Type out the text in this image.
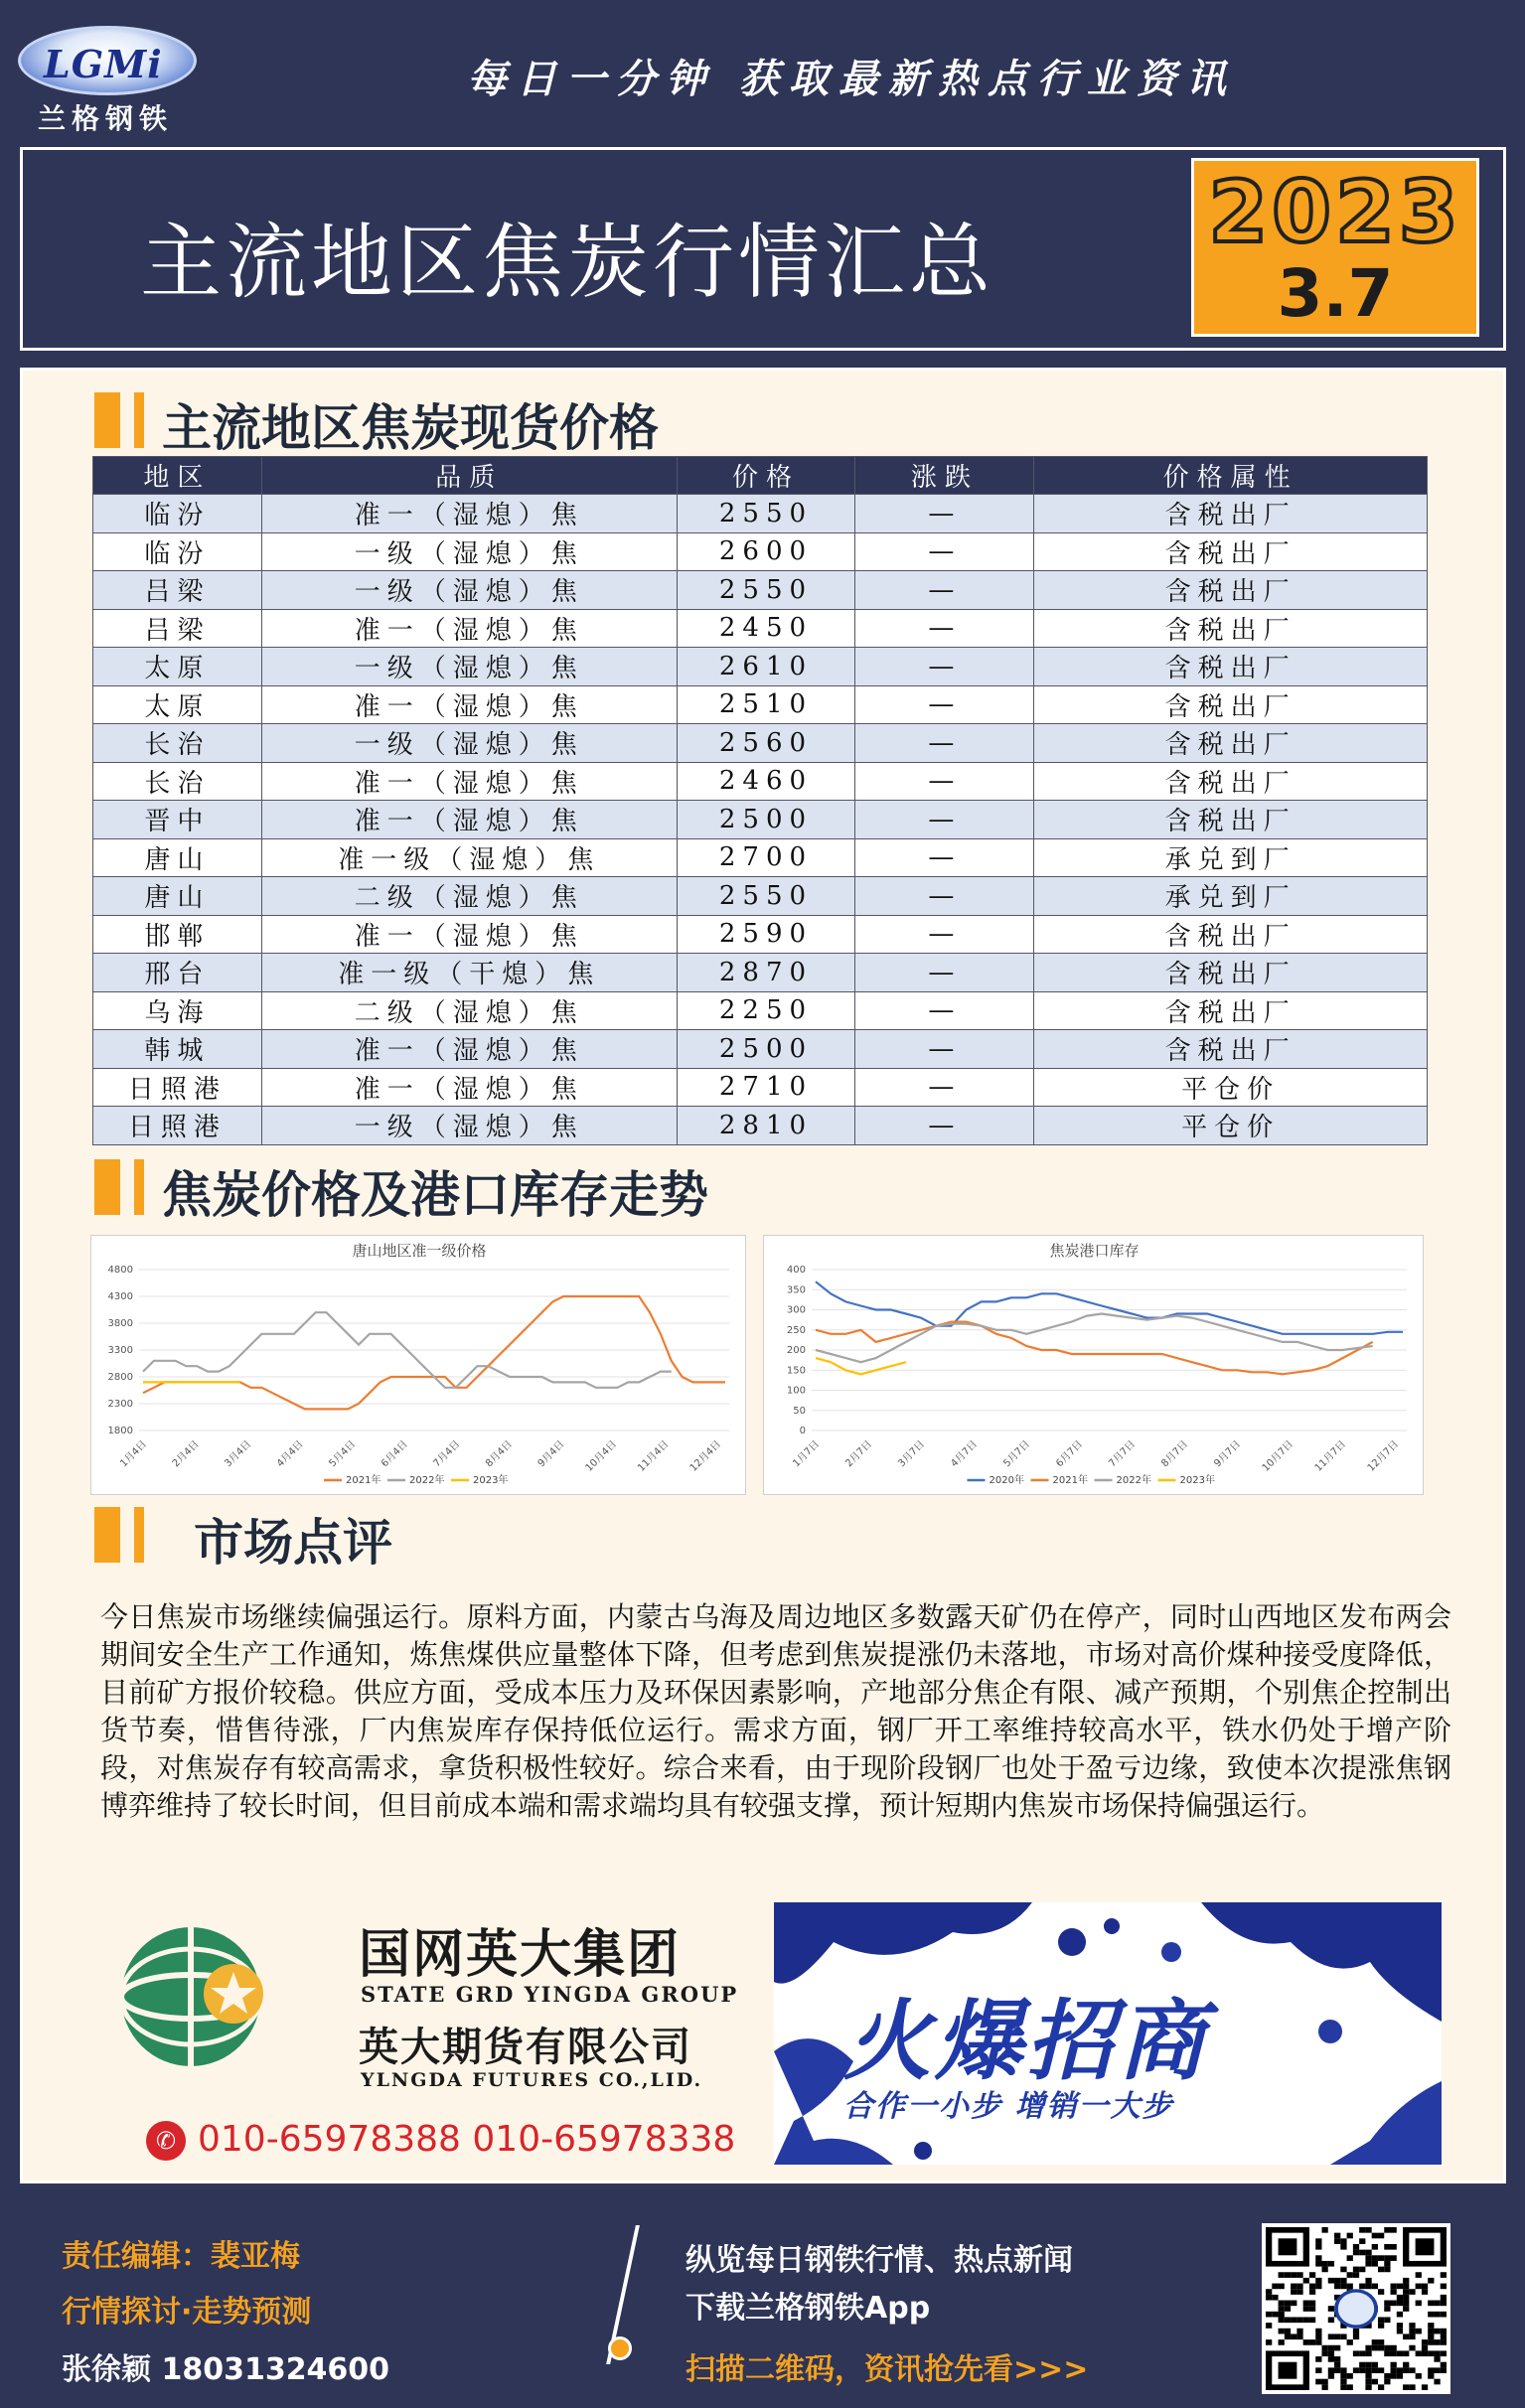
LGMi
兰格钢铁
每日一分钟 获取最新热点行业资讯
主流地区焦炭行情汇总
2023
3.7
主流地区焦炭现货价格
地区	品质	价格	涨跌	价格属性
临汾	准一（湿熄）焦	2550	—	含税出厂
临汾	一级（湿熄）焦	2600	—	含税出厂
吕梁	一级（湿熄）焦	2550	—	含税出厂
吕梁	准一（湿熄）焦	2450	—	含税出厂
太原	一级（湿熄）焦	2610	—	含税出厂
太原	准一（湿熄）焦	2510	—	含税出厂
长治	一级（湿熄）焦	2560	—	含税出厂
长治	准一（湿熄）焦	2460	—	含税出厂
晋中	准一（湿熄）焦	2500	—	含税出厂
唐山	准一级（湿熄）焦	2700	—	承兑到厂
唐山	二级（湿熄）焦	2550	—	承兑到厂
邯郸	准一（湿熄）焦	2590	—	含税出厂
邢台	准一级（干熄）焦	2870	—	含税出厂
乌海	二级（湿熄）焦	2250	—	含税出厂
韩城	准一（湿熄）焦	2500	—	含税出厂
日照港	准一（湿熄）焦	2710	—	平仓价
日照港	一级（湿熄）焦	2810	—	平仓价
焦炭价格及港口库存走势
唐山地区准一级价格
4800
4300
3800
3300
2800
2300
1800
1月4日 2月4日 3月4日 4月4日 5月4日 6月4日 7月4日 8月4日 9月4日 10月4日 11月4日 12月4日
2021年	2022年	2023年
焦炭港口库存
400
350
300
250
200
150
100
50
0
1月7日 2月7日 3月7日 4月7日 5月7日 6月7日 7月7日 8月7日 9月7日 10月7日 11月7日 12月7日
2020年	2021年	2022年	2023年
市场点评
今日焦炭市场继续偏强运行。原料方面，内蒙古乌海及周边地区多数露天矿仍在停产，同时山西地区发布两会期间安全生产工作通知，炼焦煤供应量整体下降，但考虑到焦炭提涨仍未落地，市场对高价煤种接受度降低，目前矿方报价较稳。供应方面，受成本压力及环保因素影响，产地部分焦企有限、减产预期，个别焦企控制出货节奏，惜售待涨，厂内焦炭库存保持低位运行。需求方面，钢厂开工率维持较高水平，铁水仍处于增产阶段，对焦炭存有较高需求，拿货积极性较好。综合来看，由于现阶段钢厂也处于盈亏边缘，致使本次提涨焦钢博弈维持了较长时间，但目前成本端和需求端均具有较强支撑，预计短期内焦炭市场保持偏强运行。
国网英大集团
STATE GRD YINGDA GROUP
英大期货有限公司
YLNGDA FUTURES CO.,LID.
✆ 010-65978388 010-65978338
火爆招商
合作一小步 增销一大步
责任编辑：裴亚梅
行情探讨·走势预测
张徐颖 18031324600
纵览每日钢铁行情、热点新闻
下载兰格钢铁App
扫描二维码，资讯抢先看>>>
